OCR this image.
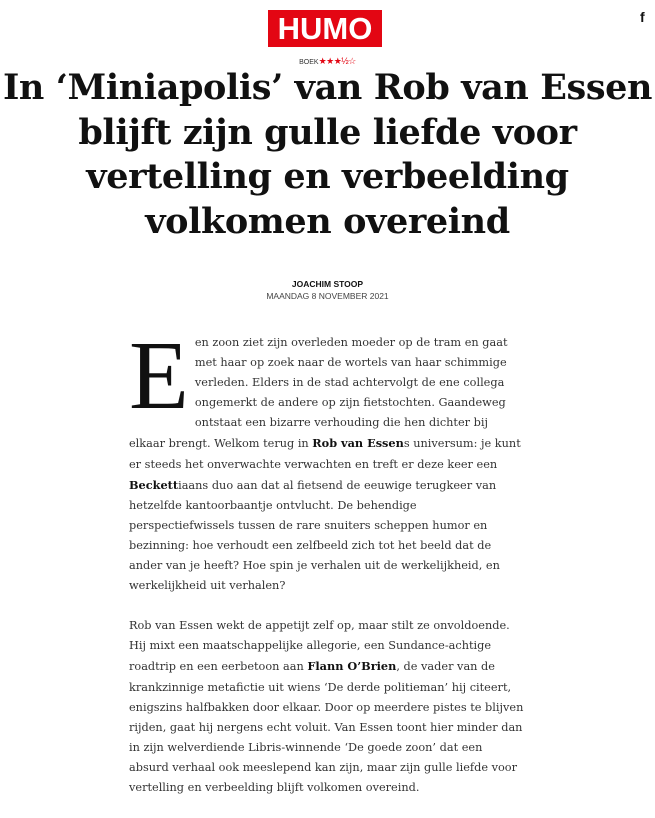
HUMO	f
BOEK★★★½☆
In ‘Miniapolis’ van Rob van Essen blijft zijn gulle liefde voor vertelling en verbeelding volkomen overeind
JOACHIM STOOP
MAANDAG 8 NOVEMBER 2021

Een zoon ziet zijn overleden moeder op de tram en gaat met haar op zoek naar de wortels van haar schimmige verleden. Elders in de stad achtervolgt de ene collega ongemerkt de andere op zijn fietstochten. Gaandeweg ontstaat een bizarre verhouding die hen dichter bij elkaar brengt. Welkom terug in Rob van Essens universum: je kunt er steeds het onverwachte verwachten en treft er deze keer een Beckettiaans duo aan dat al fietsend de eeuwige terugkeer van hetzelfde kantoorbaantje ontvlucht. De behendige perspectiefwissels tussen de rare snuiters scheppen humor en bezinning: hoe verhoudt een zelfbeeld zich tot het beeld dat de ander van je heeft? Hoe spin je verhalen uit de werkelijkheid, en werkelijkheid uit verhalen?

Rob van Essen wekt de appetijt zelf op, maar stilt ze onvoldoende. Hij mixt een maatschappelijke allegorie, een Sundance-achtige roadtrip en een eerbetoon aan Flann O’Brien, de vader van de krankzinnige metafictie uit wiens ‘De derde politieman’ hij citeert, enigszins halfbakken door elkaar. Door op meerdere pistes te blijven rijden, gaat hij nergens echt voluit. Van Essen toont hier minder dan in zijn welverdiende Libris-winnende ‘De goede zoon’ dat een absurd verhaal ook meeslepend kan zijn, maar zijn gulle liefde voor vertelling en verbeelding blijft volkomen overeind.
